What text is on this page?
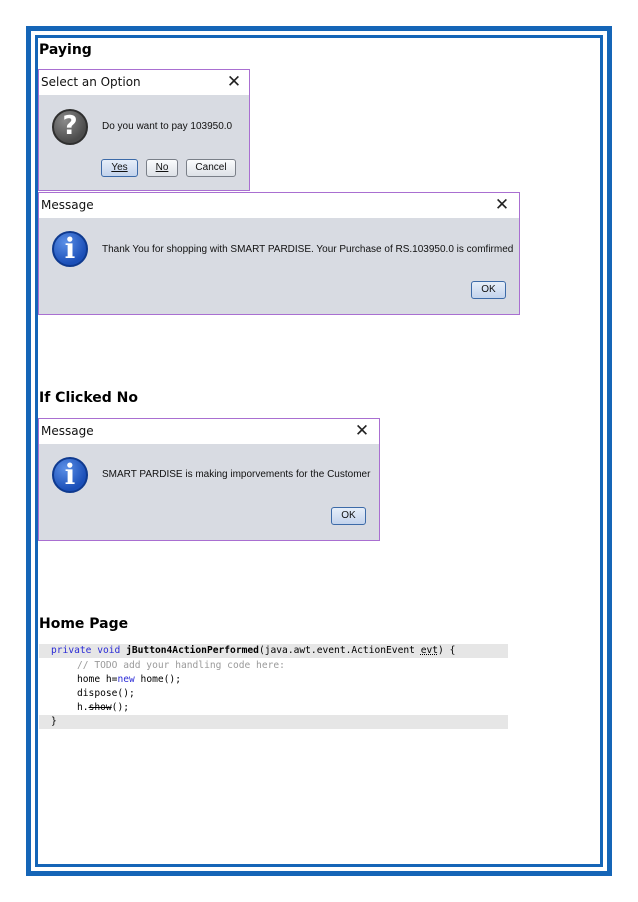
Paying
Select an Option	✕
?	Do you want to pay 103950.0
Yes	No	Cancel
Message	✕
i	Thank You for shopping with SMART PARDISE. Your Purchase of RS.103950.0 is comfirmed
OK
If Clicked No
Message	✕
i	SMART PARDISE is making imporvements for the Customer
OK
Home Page
private void jButton4ActionPerformed(java.awt.event.ActionEvent evt) {
// TODO add your handling code here:
home h=new home();
dispose();
h.show();
}
